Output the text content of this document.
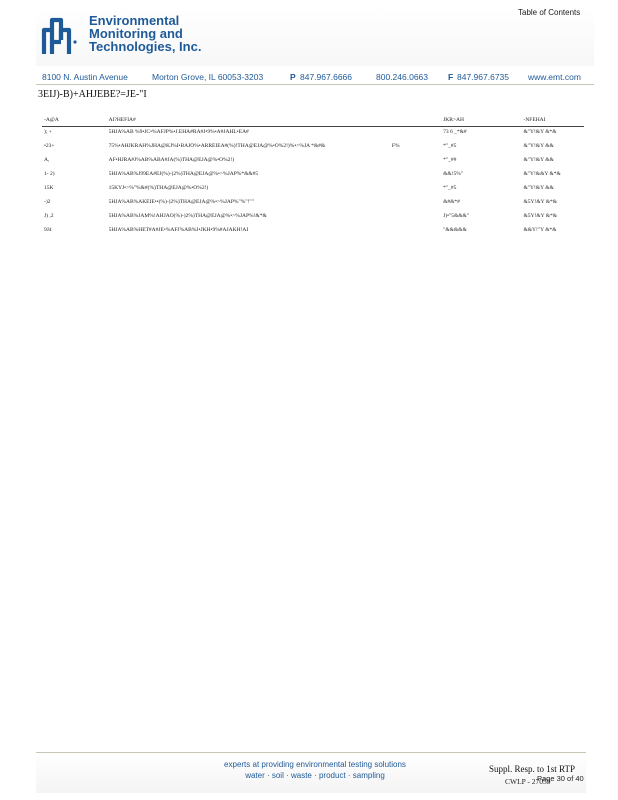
Environmental
Monitoring and
Technologies, Inc.
Table of Contents
8100 N. Austin Avenue	Morton Grove, IL 60053-3203	P 847.967.6666	800.246.0663 F 847.967.6735 www.emt.com
3EIJ)-B)+AHJEBE?=JE-"I
-A@A	AI?HEFIA#		JKR>AH	-NFEHAI
); +	5HJA%AB %9•JC•%AFJP%•J.EHA#RA#J•9%•A#JAHL•EA#		73 6 _*&#	&"Y!&Y &*&
•23+	75%•AHJKRAH%JHA@KJ%I•BAJO%•ARREIEA#(%)!THA@EJA@%•O%2!)%•>%JA *&#&	F%	*"_#5	&"Y!&Y &&
A,	AF•HJRA#J%AB%ABA#JA(%)THA@EJA@%•O%2!)		*"_##	&"Y!&Y &&
1- 2)	5HJA%AB%J99EA#EJ(%)-)2%)THA@EJA@%•>%JAP%*&&#5		&&!5%"	&"Y!&&Y &*&
15K	15KYJ•>%"%&#(%)THA@EJA@%•O%2!)		*"_#5	&"Y!&Y &&
-)2	5HJA%AB%AKEIE••(%)-)2%)THA@EJA@%•>%JAP%"%"!""		&#&*#	&5Y!&Y &*&
J) ,2	5HJA%AB%JAM%!AHJAO(%)-)2%)THA@EJA@%•>%JAP%!&*&		J)•"5&&&"	&5Y!&Y &*&
9J4	5HJA%AB%HET#A#JE•%AFJ%AB%J•JKH•9%#AJAKH!AI		"&&&&&	&&Y!"Y &*&
experts at providing environmental testing solutions
water · soil · waste · product · sampling
Suppl. Resp. to 1st RTP
CWLP - 27059
Page 30 of 40
